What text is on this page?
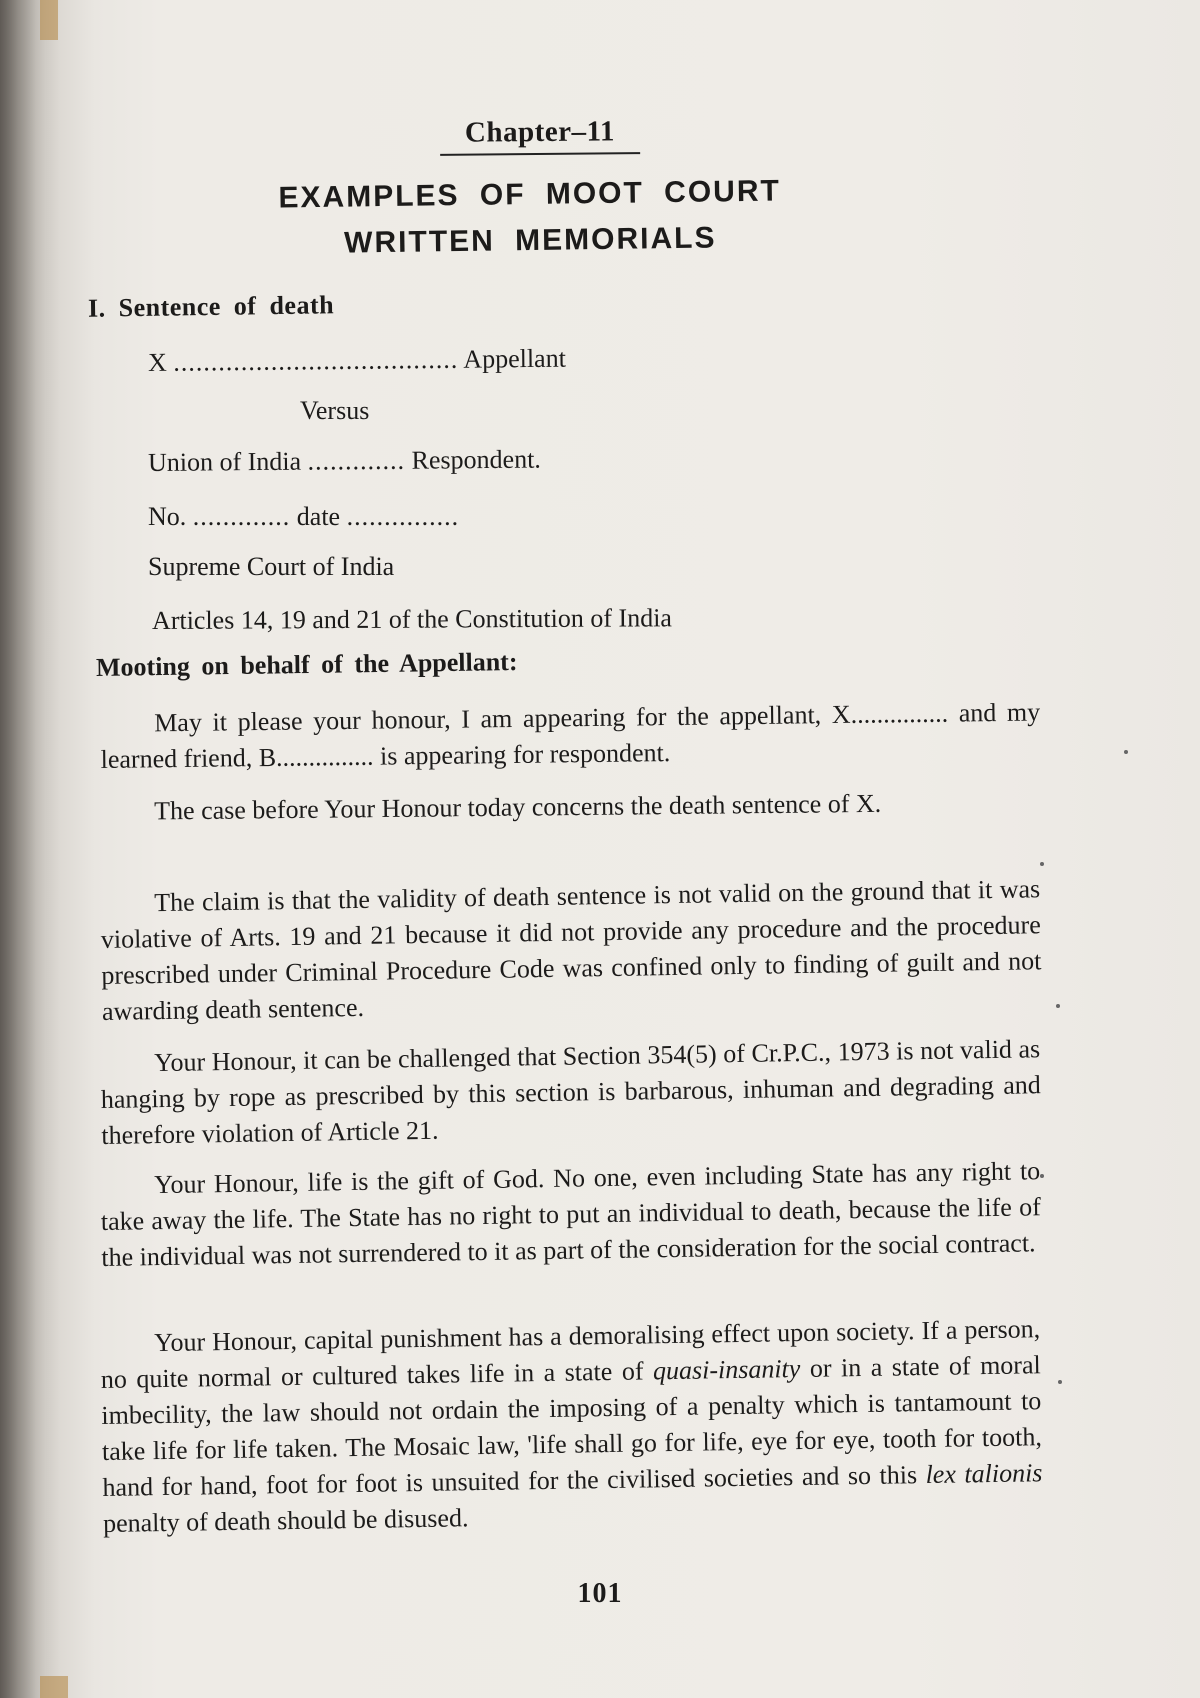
Chapter–11
EXAMPLES OF MOOT COURT
WRITTEN MEMORIALS
I. Sentence of death
X ...................................... Appellant
Versus
Union of India ............. Respondent.
No. ............. date ...............
Supreme Court of India
Articles 14, 19 and 21 of the Constitution of India
Mooting on behalf of the Appellant:

May it please your honour, I am appearing for the appellant, X............... and my learned friend, B............... is appearing for respondent.

The case before Your Honour today concerns the death sentence of X.

The claim is that the validity of death sentence is not valid on the ground that it was violative of Arts. 19 and 21 because it did not provide any procedure and the procedure prescribed under Criminal Procedure Code was confined only to finding of guilt and not awarding death sentence.

Your Honour, it can be challenged that Section 354(5) of Cr.P.C., 1973 is not valid as hanging by rope as prescribed by this section is barbarous, inhuman and degrading and therefore violation of Article 21.

Your Honour, life is the gift of God. No one, even including State has any right to take away the life. The State has no right to put an individual to death, because the life of the individual was not surrendered to it as part of the consideration for the social contract.

Your Honour, capital punishment has a demoralising effect upon society. If a person, no quite normal or cultured takes life in a state of quasi-insanity or in a state of moral imbecility, the law should not ordain the imposing of a penalty which is tantamount to take life for life taken. The Mosaic law, 'life shall go for life, eye for eye, tooth for tooth, hand for hand, foot for foot is unsuited for the civilised societies and so this lex talionis penalty of death should be disused.

101
